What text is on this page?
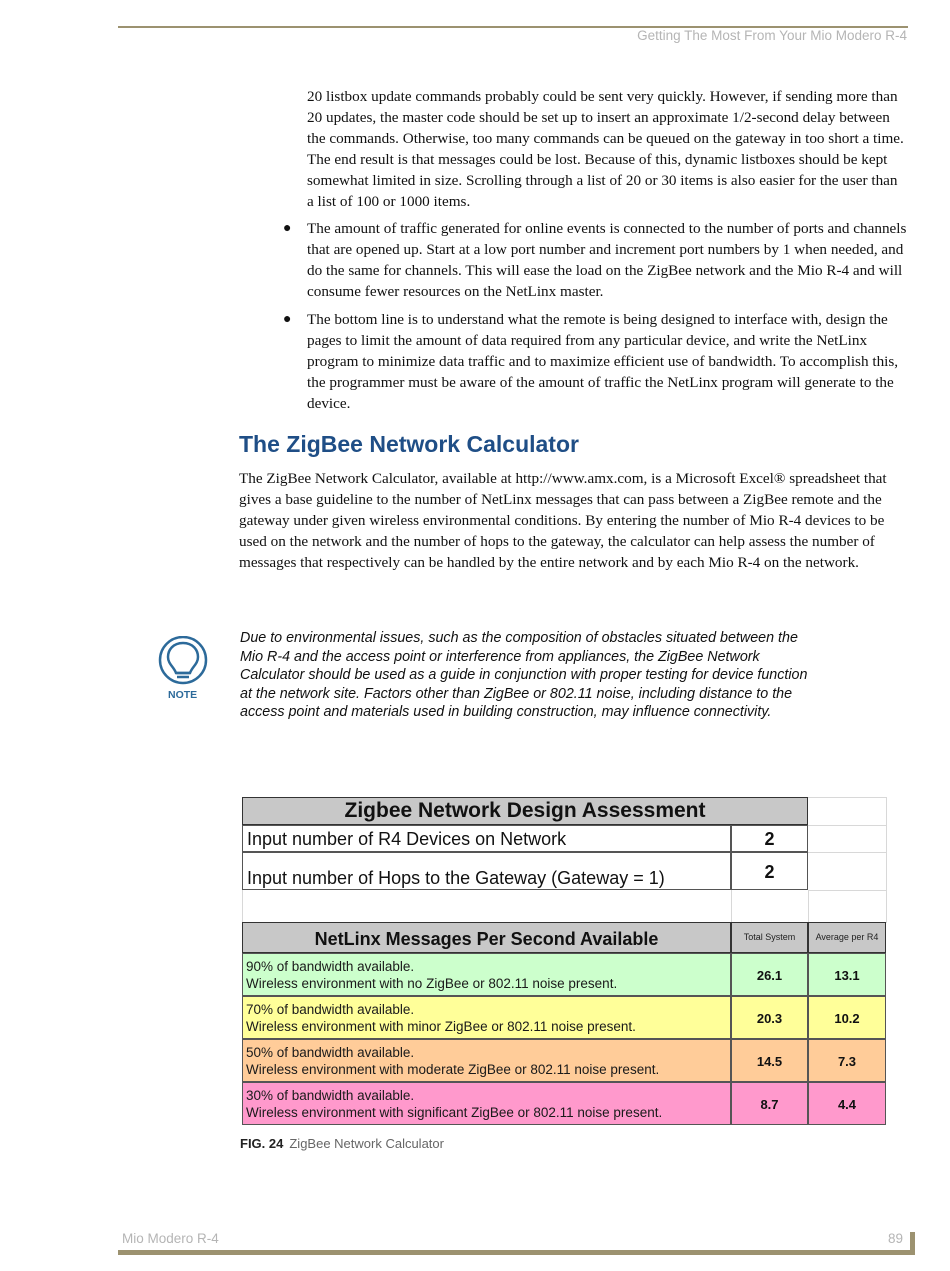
Getting The Most From Your Mio Modero R-4
20 listbox update commands probably could be sent very quickly. However, if sending more than 20 updates, the master code should be set up to insert an approximate 1/2-second delay between the commands. Otherwise, too many commands can be queued on the gateway in too short a time. The end result is that messages could be lost. Because of this, dynamic listboxes should be kept somewhat limited in size. Scrolling through a list of 20 or 30 items is also easier for the user than a list of 100 or 1000 items.
● The amount of traffic generated for online events is connected to the number of ports and channels that are opened up. Start at a low port number and increment port numbers by 1 when needed, and do the same for channels. This will ease the load on the ZigBee network and the Mio R-4 and will consume fewer resources on the NetLinx master.
● The bottom line is to understand what the remote is being designed to interface with, design the pages to limit the amount of data required from any particular device, and write the NetLinx program to minimize data traffic and to maximize efficient use of bandwidth. To accomplish this, the programmer must be aware of the amount of traffic the NetLinx program will generate to the device.
The ZigBee Network Calculator
The ZigBee Network Calculator, available at http://www.amx.com, is a Microsoft Excel® spreadsheet that gives a base guideline to the number of NetLinx messages that can pass between a ZigBee remote and the gateway under given wireless environmental conditions. By entering the number of Mio R-4 devices to be used on the network and the number of hops to the gateway, the calculator can help assess the number of messages that respectively can be handled by the entire network and by each Mio R-4 on the network.
NOTE
Due to environmental issues, such as the composition of obstacles situated between the Mio R-4 and the access point or interference from appliances, the ZigBee Network Calculator should be used as a guide in conjunction with proper testing for device function at the network site. Factors other than ZigBee or 802.11 noise, including distance to the access point and materials used in building construction, may influence connectivity.
Zigbee Network Design Assessment
Input number of R4 Devices on Network	2
Input number of Hops to the Gateway (Gateway = 1)	2
NetLinx Messages Per Second Available	Total System	Average per R4
90% of bandwidth available.
Wireless environment with no ZigBee or 802.11 noise present.
26.1	13.1
70% of bandwidth available.
Wireless environment with minor ZigBee or 802.11 noise present.
20.3	10.2
50% of bandwidth available.
Wireless environment with moderate ZigBee or 802.11 noise present.
14.5	7.3
30% of bandwidth available.
Wireless environment with significant ZigBee or 802.11 noise present.
8.7	4.4
FIG. 24 ZigBee Network Calculator
Mio Modero R-4	89
